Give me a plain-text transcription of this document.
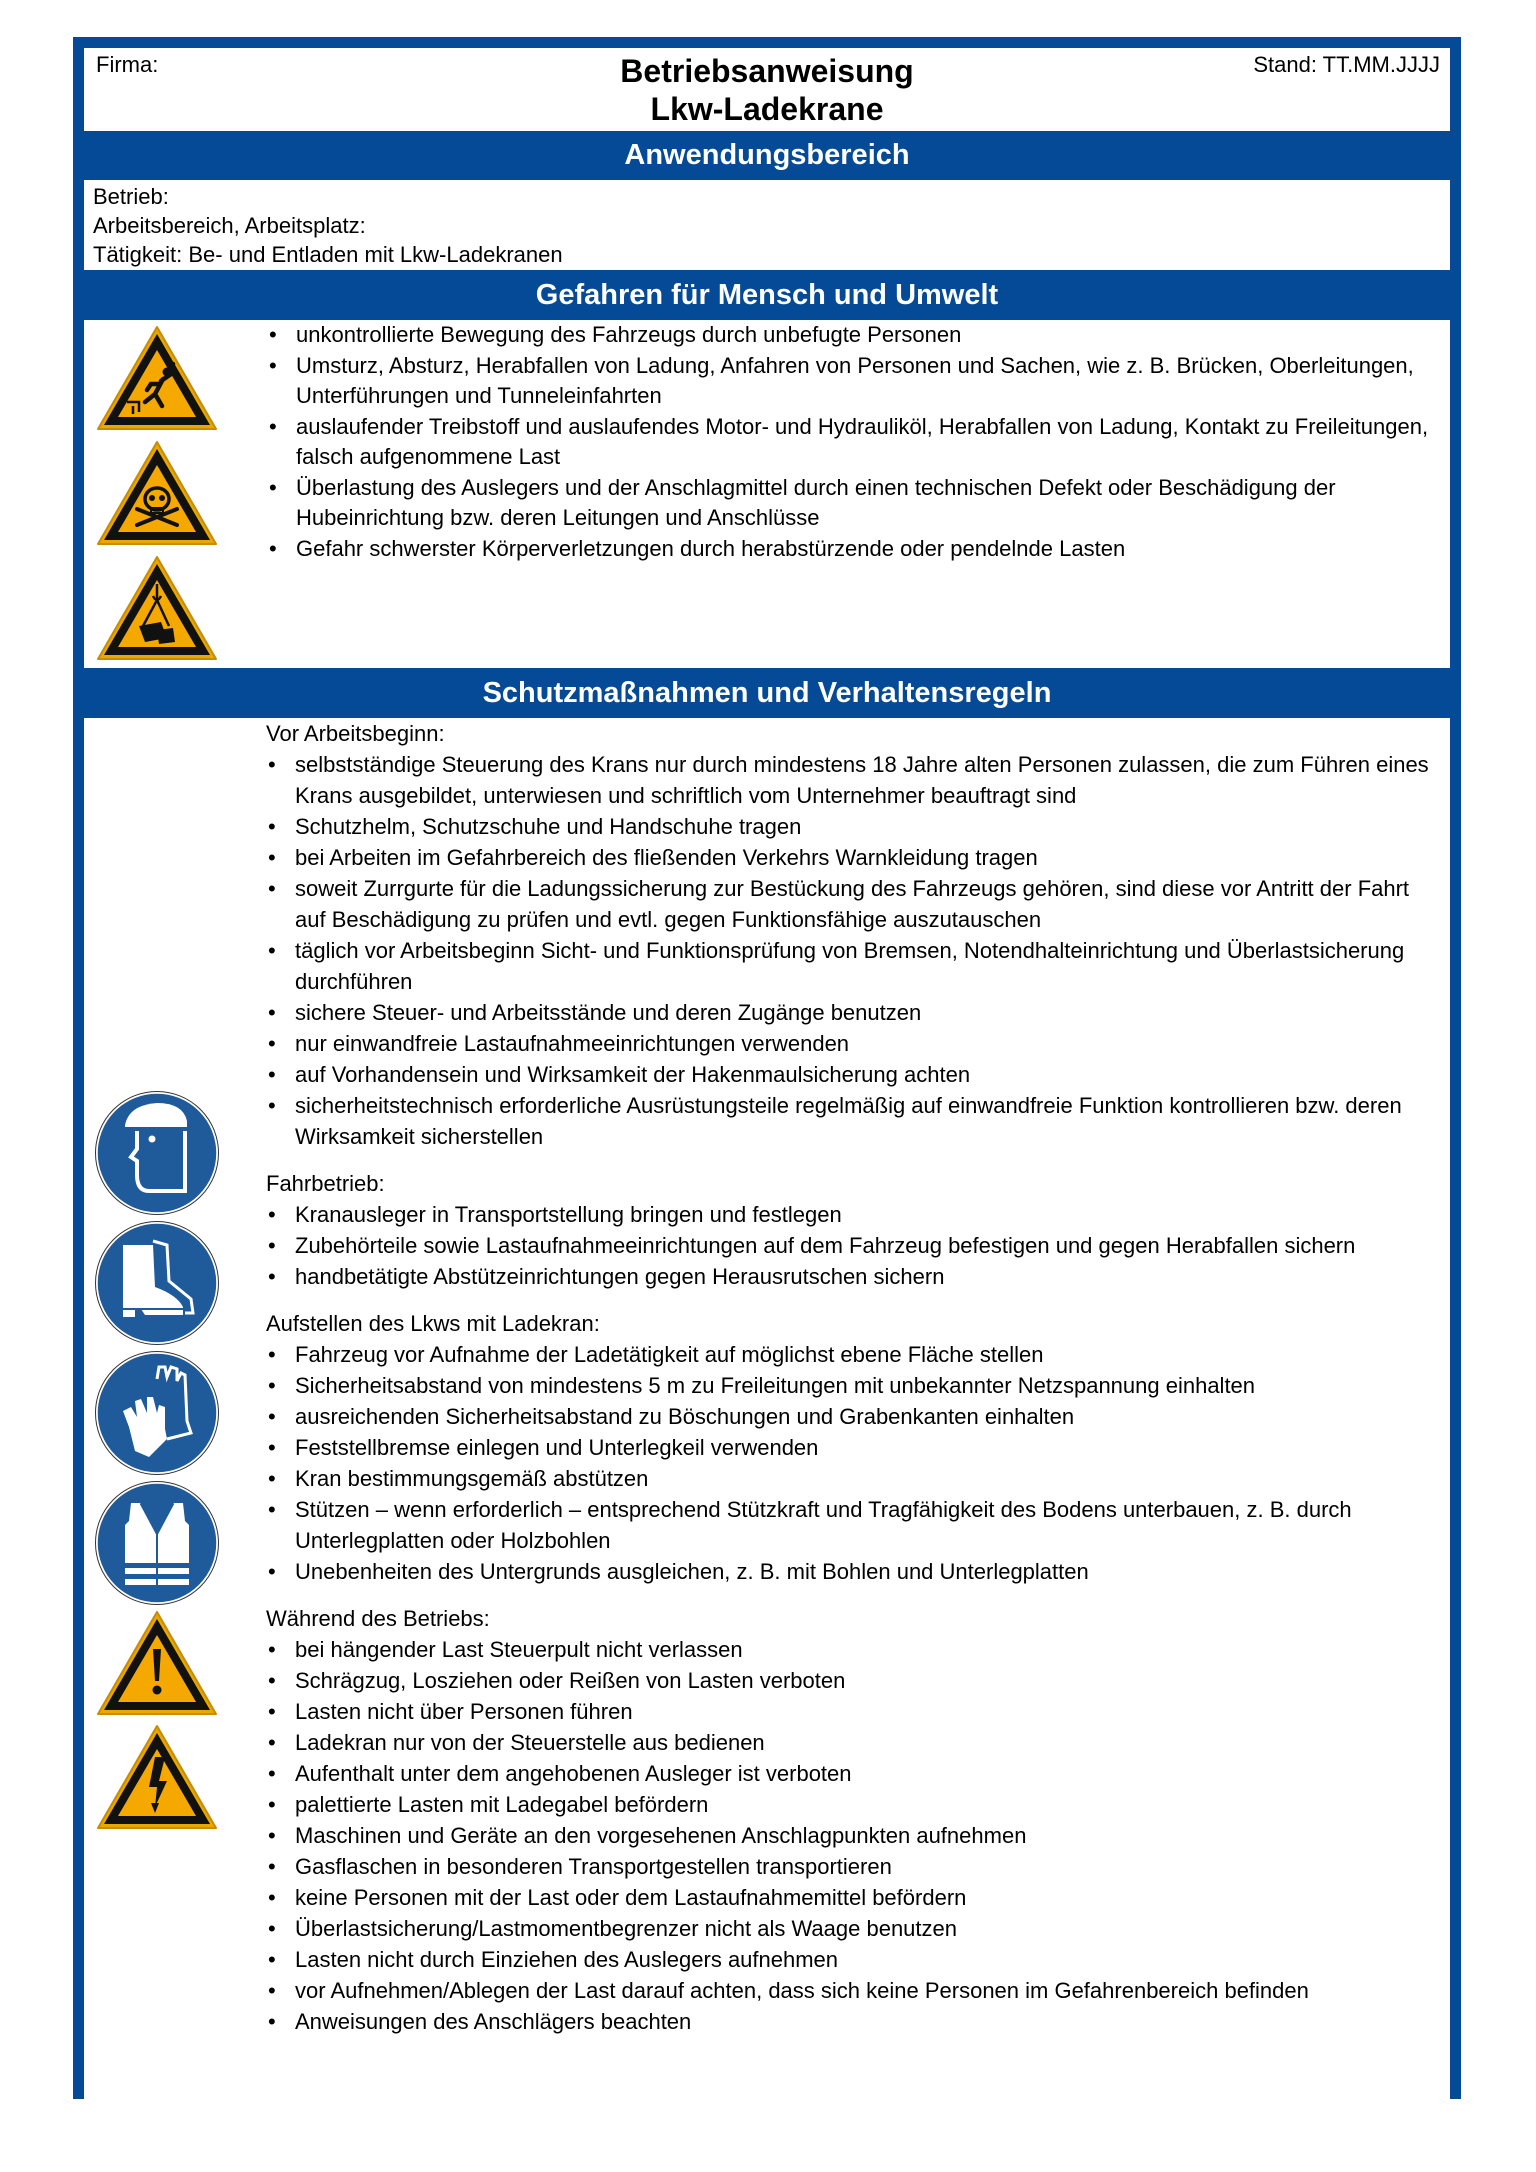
Firma:	Betriebsanweisung
Lkw-Ladekrane
Stand: TT.MM.JJJJ
Anwendungsbereich
Betrieb:
Arbeitsbereich, Arbeitsplatz:
Tätigkeit: Be- und Entladen mit Lkw-Ladekranen
Gefahren für Mensch und Umwelt
• unkontrollierte Bewegung des Fahrzeugs durch unbefugte Personen
• Umsturz, Absturz, Herabfallen von Ladung, Anfahren von Personen und Sachen, wie z. B. Brücken, Oberleitungen, Unterführungen und Tunneleinfahrten
• auslaufender Treibstoff und auslaufendes Motor- und Hydrauliköl, Herabfallen von Ladung, Kontakt zu Freileitungen, falsch aufgenommene Last
• Überlastung des Auslegers und der Anschlagmittel durch einen technischen Defekt oder Beschädigung der Hubeinrichtung bzw. deren Leitungen und Anschlüsse
• Gefahr schwerster Körperverletzungen durch herabstürzende oder pendelnde Lasten
Schutzmaßnahmen und Verhaltensregeln

Vor Arbeitsbeginn:

• selbstständige Steuerung des Krans nur durch mindestens 18 Jahre alten Personen zulassen, die zum Führen eines Krans ausgebildet, unterwiesen und schriftlich vom Unternehmer beauftragt sind
• Schutzhelm, Schutzschuhe und Handschuhe tragen
• bei Arbeiten im Gefahrbereich des fließenden Verkehrs Warnkleidung tragen
• soweit Zurrgurte für die Ladungssicherung zur Bestückung des Fahrzeugs gehören, sind diese vor Antritt der Fahrt auf Beschädigung zu prüfen und evtl. gegen Funktionsfähige auszutauschen
• täglich vor Arbeitsbeginn Sicht- und Funktionsprüfung von Bremsen, Notendhalteinrichtung und Überlastsicherung durchführen
• sichere Steuer- und Arbeitsstände und deren Zugänge benutzen
• nur einwandfreie Lastaufnahmeeinrichtungen verwenden
• auf Vorhandensein und Wirksamkeit der Hakenmaulsicherung achten
• sicherheitstechnisch erforderliche Ausrüstungsteile regelmäßig auf einwandfreie Funktion kontrollieren bzw. deren Wirksamkeit sicherstellen

Fahrbetrieb:

• Kranausleger in Transportstellung bringen und festlegen
• Zubehörteile sowie Lastaufnahmeeinrichtungen auf dem Fahrzeug befestigen und gegen Herabfallen sichern
• handbetätigte Abstützeinrichtungen gegen Herausrutschen sichern

Aufstellen des Lkws mit Ladekran:

• Fahrzeug vor Aufnahme der Ladetätigkeit auf möglichst ebene Fläche stellen
• Sicherheitsabstand von mindestens 5 m zu Freileitungen mit unbekannter Netzspannung einhalten
• ausreichenden Sicherheitsabstand zu Böschungen und Grabenkanten einhalten
• Feststellbremse einlegen und Unterlegkeil verwenden
• Kran bestimmungsgemäß abstützen
• Stützen – wenn erforderlich – entsprechend Stützkraft und Tragfähigkeit des Bodens unterbauen, z. B. durch Unterlegplatten oder Holzbohlen
• Unebenheiten des Untergrunds ausgleichen, z. B. mit Bohlen und Unterlegplatten

Während des Betriebs:

• bei hängender Last Steuerpult nicht verlassen
• Schrägzug, Losziehen oder Reißen von Lasten verboten
• Lasten nicht über Personen führen
• Ladekran nur von der Steuerstelle aus bedienen
• Aufenthalt unter dem angehobenen Ausleger ist verboten
• palettierte Lasten mit Ladegabel befördern
• Maschinen und Geräte an den vorgesehenen Anschlagpunkten aufnehmen
• Gasflaschen in besonderen Transportgestellen transportieren
• keine Personen mit der Last oder dem Lastaufnahmemittel befördern
• Überlastsicherung/Lastmomentbegrenzer nicht als Waage benutzen
• Lasten nicht durch Einziehen des Auslegers aufnehmen
• vor Aufnehmen/Ablegen der Last darauf achten, dass sich keine Personen im Gefahrenbereich befinden
• Anweisungen des Anschlägers beachten
